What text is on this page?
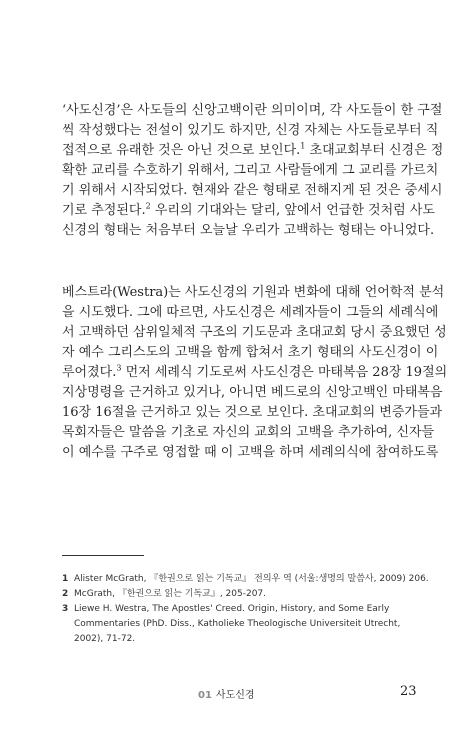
‘사도신경’은 사도들의 신앙고백이란 의미이며, 각 사도들이 한 구절
씩 작성했다는 전설이 있기도 하지만, 신경 자체는 사도들로부터 직
접적으로 유래한 것은 아닌 것으로 보인다.$^1$ 초대교회부터 신경은 정
확한 교리를 수호하기 위해서, 그리고 사람들에게 그 교리를 가르치
기 위해서 시작되었다. 현재와 같은 형태로 전해지게 된 것은 중세시
기로 추정된다.$^2$ 우리의 기대와는 달리, 앞에서 언급한 것처럼 사도
신경의 형태는 처음부터 오늘날 우리가 고백하는 형태는 아니었다.
베스트라(Westra)는 사도신경의 기원과 변화에 대해 언어학적 분석
을 시도했다. 그에 따르면, 사도신경은 세례자들이 그들의 세례식에
서 고백하던 삼위일체적 구조의 기도문과 초대교회 당시 중요했던 성
자 예수 그리스도의 고백을 함께 합쳐서 초기 형태의 사도신경이 이
루어졌다.$^3$ 먼저 세례식 기도로써 사도신경은 마태복음 28장 19절의
지상명령을 근거하고 있거나, 아니면 베드로의 신앙고백인 마태복음
16장 16절을 근거하고 있는 것으로 보인다. 초대교회의 변증가들과
목회자들은 말씀을 기초로 자신의 교회의 고백을 추가하여, 신자들
이 예수를 구주로 영접할 때 이 고백을 하며 세례의식에 참여하도록
1 Alister McGrath, 『한권으로 읽는 기독교』 전의우 역 (서울:생명의 말씀사, 2009) 206.
2 McGrath, 『한권으로 읽는 기독교』, 205-207.
3 Liewe H. Westra, The Apostles' Creed. Origin, History, and Some Early
Commentaries (PhD. Diss., Katholieke Theologische Universiteit Utrecht,
2002), 71-72.
01 사도신경	23
